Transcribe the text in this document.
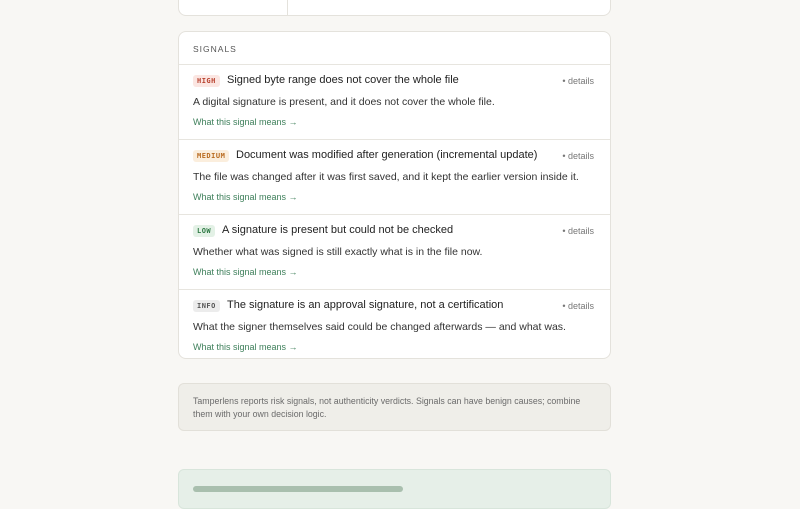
SIGNALS
HIGH	Signed byte range does not cover the whole file	• details
A digital signature is present, and it does not cover the whole file.
What this signal means →
MEDIUM Document was modified after generation (incremental update)	• details
The file was changed after it was first saved, and it kept the earlier version inside it.
What this signal means →
LOW A signature is present but could not be checked	• details
Whether what was signed is still exactly what is in the file now.
What this signal means →
INFO	The signature is an approval signature, not a certification	• details
What the signer themselves said could be changed afterwards — and what was.
What this signal means →
Tamperlens reports risk signals, not authenticity verdicts. Signals can have benign causes; combine them with your own decision logic.
